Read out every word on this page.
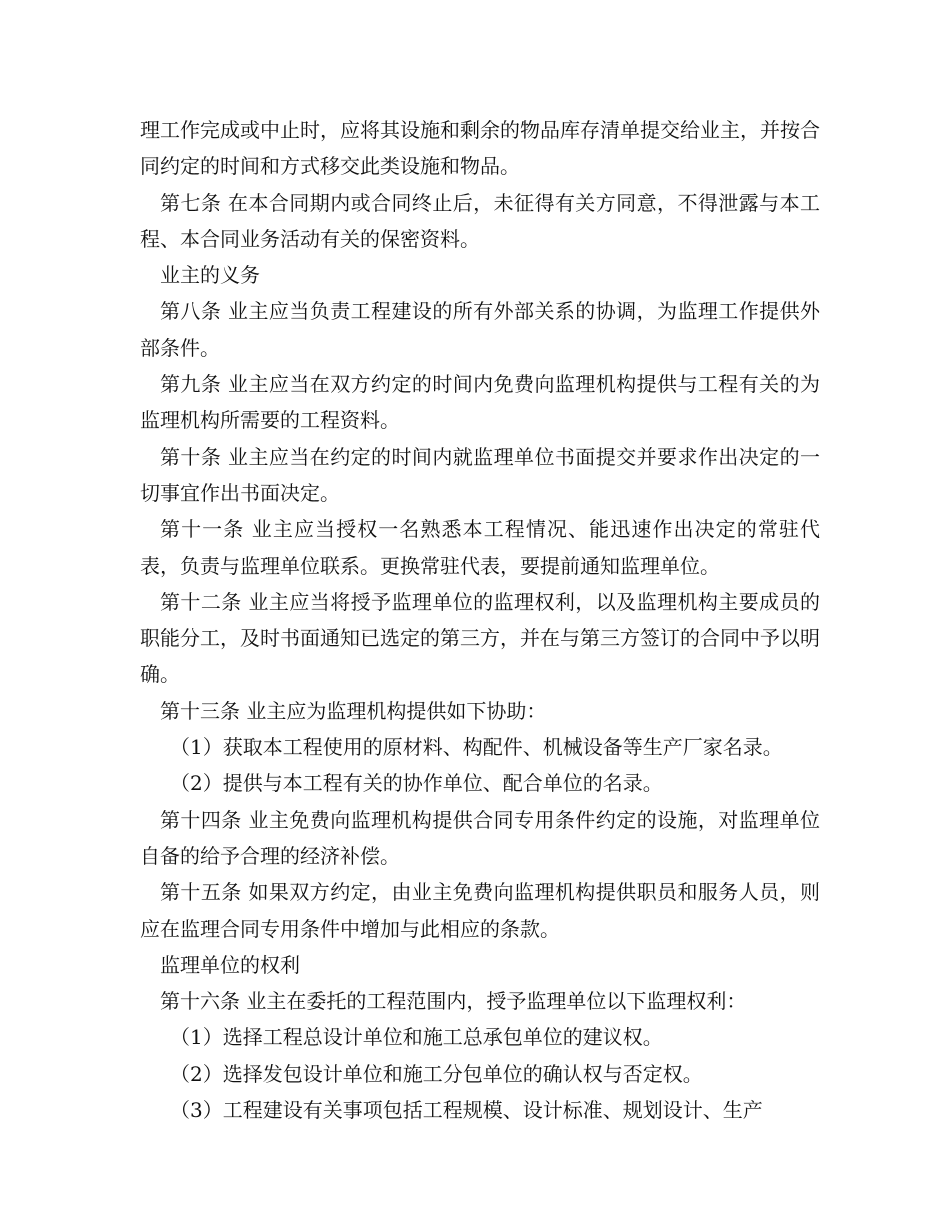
理工作完成或中止时，应将其设施和剩余的物品库存清单提交给业主，并按合同约定的时间和方式移交此类设施和物品。

第七条 在本合同期内或合同终止后，未征得有关方同意，不得泄露与本工程、本合同业务活动有关的保密资料。

业主的义务

第八条 业主应当负责工程建设的所有外部关系的协调，为监理工作提供外部条件。

第九条 业主应当在双方约定的时间内免费向监理机构提供与工程有关的为监理机构所需要的工程资料。

第十条 业主应当在约定的时间内就监理单位书面提交并要求作出决定的一切事宜作出书面决定。

第十一条 业主应当授权一名熟悉本工程情况、能迅速作出决定的常驻代表，负责与监理单位联系。更换常驻代表，要提前通知监理单位。

第十二条 业主应当将授予监理单位的监理权利，以及监理机构主要成员的职能分工，及时书面通知已选定的第三方，并在与第三方签订的合同中予以明确。

第十三条 业主应为监理机构提供如下协助：

（1）获取本工程使用的原材料、构配件、机械设备等生产厂家名录。

（2）提供与本工程有关的协作单位、配合单位的名录。

第十四条 业主免费向监理机构提供合同专用条件约定的设施，对监理单位自备的给予合理的经济补偿。

第十五条 如果双方约定，由业主免费向监理机构提供职员和服务人员，则应在监理合同专用条件中增加与此相应的条款。

监理单位的权利

第十六条 业主在委托的工程范围内，授予监理单位以下监理权利：

（1）选择工程总设计单位和施工总承包单位的建议权。

（2）选择发包设计单位和施工分包单位的确认权与否定权。

（3）工程建设有关事项包括工程规模、设计标准、规划设计、生产
